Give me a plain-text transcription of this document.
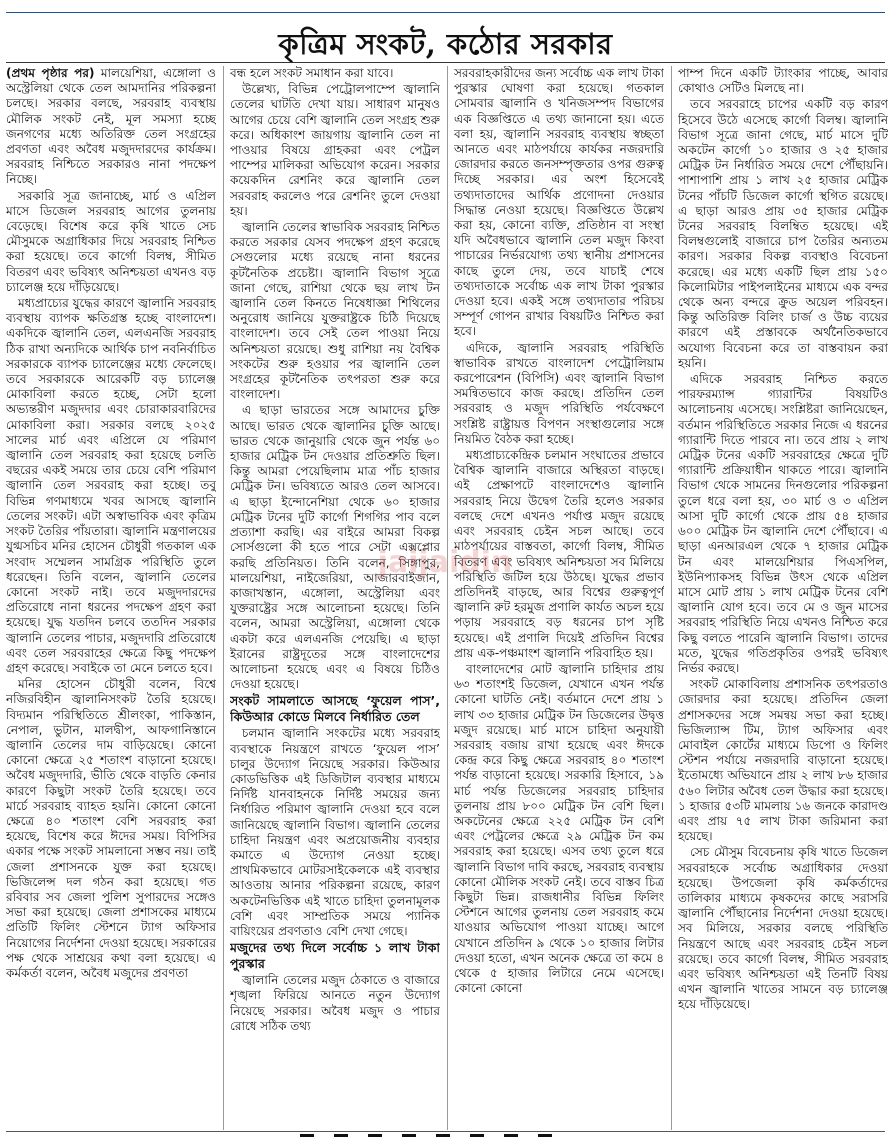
কৃত্রিম সংকট, কঠোর সরকার

(প্রথম পৃষ্ঠার পর) মালয়েশিয়া, এঙ্গোলা ও অস্ট্রেলিয়া থেকে তেল আমদানির পরিকল্পনা চলছে। সরকার বলছে, সরবরাহ ব্যবস্থায় মৌলিক সংকট নেই, মূল সমস্যা হচ্ছে জনগণের মধ্যে অতিরিক্ত তেল সংগ্রহের প্রবণতা এবং অবৈধ মজুদদারদের কার্যক্রম। সরবরাহ নিশ্চিতে সরকারও নানা পদক্ষেপ নিচ্ছে।

সরকারি সূত্র জানাচ্ছে, মার্চ ও এপ্রিল মাসে ডিজেল সরবরাহ আগের তুলনায় বেড়েছে। বিশেষ করে কৃষি খাতে সেচ মৌসুমকে অগ্রাধিকার দিয়ে সরবরাহ নিশ্চিত করা হয়েছে। তবে কার্গো বিলম্ব, সীমিত বিতরণ এবং ভবিষ্যৎ অনিশ্চয়তা এখনও বড় চ্যালেঞ্জ হয়ে দাঁড়িয়েছে।

মধ্যপ্রাচ্যের যুদ্ধের কারণে জ্বালানি সরবরাহ ব্যবস্থায় ব্যাপক ক্ষতিগ্রস্ত হচ্ছে বাংলাদেশ। একদিকে জ্বালানি তেল, এলএনজি সরবরাহ ঠিক রাখা অন্যদিকে আর্থিক চাপ নবনির্বাচিত সরকারকে ব্যাপক চ্যালেঞ্জের মধ্যে ফেলেছে। তবে সরকারকে আরেকটি বড় চ্যালেঞ্জ মোকাবিলা করতে হচ্ছে, সেটা হলো অভ্যন্তরীণ মজুদদার এবং চোরাকারবারিদের মোকাবিলা করা। সরকার বলছে ২০২৫ সালের মার্চ এবং এপ্রিলে যে পরিমাণ জ্বালানি তেল সরবরাহ করা হয়েছে চলতি বছরের একই সময়ে তার চেয়ে বেশি পরিমাণ জ্বালানি তেল সরবরাহ করা হচ্ছে। তবু বিভিন্ন গণমাধ্যমে খবর আসছে জ্বালানি তেলের সংকট। এটা অস্বাভাবিক এবং কৃত্রিম সংকট তৈরির পাঁয়তারা। জ্বালানি মন্ত্রণালয়ের যুগ্মসচিব মনির হোসেন চৌধুরী গতকাল এক সংবাদ সম্মেলন সামগ্রিক পরিস্থিতি তুলে ধরেছেন। তিনি বলেন, জ্বালানি তেলের কোনো সংকট নাই। তবে মজুদদারদের প্রতিরোধে নানা ধরনের পদক্ষেপ গ্রহণ করা হয়েছে। যুদ্ধ যতদিন চলবে ততদিন সরকার জ্বালানি তেলের পাচার, মজুদদারি প্রতিরোধে এবং তেল সরবরাহের ক্ষেত্রে কিছু পদক্ষেপ গ্রহণ করেছে। সবাইকে তা মেনে চলতে হবে।

মনির হোসেন চৌধুরী বলেন, বিশ্বে নজিরবিহীন জ্বালানিসংকট তৈরি হয়েছে। বিদ্যমান পরিস্থিতিতে শ্রীলংকা, পাকিস্তান, নেপাল, ভুটান, মালদ্বীপ, আফগানিস্তানে জ্বালানি তেলের দাম বাড়িয়েছে। কোনো কোনো ক্ষেত্রে ২৫ শতাংশ বাড়ানো হয়েছে। অবৈধ মজুদদারি, ভীতি থেকে বাড়তি কেনার কারণে কিছুটা সংকট তৈরি হয়েছে। তবে মার্চে সরবরাহ ব্যাহত হয়নি। কোনো কোনো ক্ষেত্রে ৪০ শতাংশ বেশি সরবরাহ করা হয়েছে, বিশেষ করে ঈদের সময়। বিপিসির একার পক্ষে সংকট সামলানো সম্ভব নয়। তাই জেলা প্রশাসনকে যুক্ত করা হয়েছে। ভিজিলেন্স দল গঠন করা হয়েছে। গত রবিবার সব জেলা পুলিশ সুপারদের সঙ্গেও সভা করা হয়েছে। জেলা প্রশাসকের মাধ্যমে প্রতিটি ফিলিং স্টেশনে ট্যাগ অফিসার নিয়োগের নির্দেশনা দেওয়া হয়েছে। সরকারের পক্ষ থেকে সাশ্রয়ের কথা বলা হয়েছে। এ কর্মকর্তা বলেন, অবৈধ মজুদের প্রবণতা

বন্ধ হলে সংকট সমাধান করা যাবে।

উল্লেখ্য, বিভিন্ন পেট্রোলপাম্পে জ্বালানি তেলের ঘাটতি দেখা যায়। সাধারণ মানুষও আগের চেয়ে বেশি জ্বালানি তেল সংগ্রহ শুরু করে। অধিকাংশ জায়গায় জ্বালানি তেল না পাওয়ার বিষয়ে গ্রাহকরা এবং পেট্রল পাম্পের মালিকরা অভিযোগ করেন। সরকার কয়েকদিন রেশনিং করে জ্বালানি তেল সরবরাহ করলেও পরে রেশনিং তুলে দেওয়া হয়।

জ্বালানি তেলের স্বাভাবিক সরবরাহ নিশ্চিত করতে সরকার যেসব পদক্ষেপ গ্রহণ করেছে সেগুলোর মধ্যে রয়েছে নানা ধরনের কূটনৈতিক প্রচেষ্টা। জ্বালানি বিভাগ সূত্রে জানা গেছে, রাশিয়া থেকে ছয় লাখ টন জ্বালানি তেল কিনতে নিষেধাজ্ঞা শিথিলের অনুরোধ জানিয়ে যুক্তরাষ্ট্রকে চিঠি দিয়েছে বাংলাদেশ। তবে সেই তেল পাওয়া নিয়ে অনিশ্চয়তা রয়েছে। শুধু রাশিয়া নয় বৈশ্বিক সংকটের শুরু হওয়ার পর জ্বালানি তেল সংগ্রহের কূটনৈতিক তৎপরতা শুরু করে বাংলাদেশ।

এ ছাড়া ভারতের সঙ্গে আমাদের চুক্তি আছে। ভারত থেকে জ্বালানির চুক্তি আছে। ভারত থেকে জানুয়ারি থেকে জুন পর্যন্ত ৬০ হাজার মেট্রিক টন দেওয়ার প্রতিশ্রুতি ছিল। কিন্তু আমরা পেয়েছিলাম মাত্র পাঁচ হাজার মেট্রিক টন। ভবিষ্যতে আরও তেল আসবে। এ ছাড়া ইন্দোনেশিয়া থেকে ৬০ হাজার মেট্রিক টনের দুটি কার্গো শিগগির পাব বলে প্রত্যাশা করছি। এর বাইরে আমরা বিকল্প সোর্সগুলো কী হতে পারে সেটা এক্সপ্লোর করছি প্রতিনিয়ত। তিনি বলেন, সিঙ্গাপুর, মালয়েশিয়া, নাইজেরিয়া, আজারবাইজান, কাজাখস্তান, এঙ্গোলা, অস্ট্রেলিয়া এবং যুক্তরাষ্ট্রের সঙ্গে আলোচনা হয়েছে। তিনি বলেন, আমরা অস্ট্রেলিয়া, এঙ্গোলা থেকে একটা করে এলএনজি পেয়েছি। এ ছাড়া ইরানের রাষ্ট্রদূতের সঙ্গে বাংলাদেশের আলোচনা হয়েছে এবং এ বিষয়ে চিঠিও দেওয়া হয়েছে।

সংকট সামলাতে আসছে ‘ফুয়েল পাস’, কিউআর কোডে মিলবে নির্ধারিত তেল

চলমান জ্বালানি সংকটের মধ্যে সরবরাহ ব্যবস্থাকে নিয়ন্ত্রণে রাখতে ‘ফুয়েল পাস’ চালুর উদ্যোগ নিয়েছে সরকার। কিউআর কোডভিত্তিক এই ডিজিটাল ব্যবস্থার মাধ্যমে নির্দিষ্ট যানবাহনকে নির্দিষ্ট সময়ের জন্য নির্ধারিত পরিমাণ জ্বালানি দেওয়া হবে বলে জানিয়েছে জ্বালানি বিভাগ। জ্বালানি তেলের চাহিদা নিয়ন্ত্রণ এবং অপ্রয়োজনীয় ব্যবহার কমাতে এ উদ্যোগ নেওয়া হচ্ছে। প্রাথমিকভাবে মোটরসাইকেলকে এই ব্যবস্থার আওতায় আনার পরিকল্পনা রয়েছে, কারণ অকটেনভিত্তিক এই খাতে চাহিদা তুলনামূলক বেশি এবং সাম্প্রতিক সময়ে প্যানিক বায়িংয়ের প্রবণতাও বেশি দেখা গেছে।

মজুদের তথ্য দিলে সর্বোচ্চ ১ লাখ টাকা পুরস্কার

জ্বালানি তেলের মজুদ ঠেকাতে ও বাজারে শৃঙ্খলা ফিরিয়ে আনতে নতুন উদ্যোগ নিয়েছে সরকার। অবৈধ মজুদ ও পাচার রোধে সঠিক তথ্য

সরবরাহকারীদের জন্য সর্বোচ্চ এক লাখ টাকা পুরস্কার ঘোষণা করা হয়েছে। গতকাল সোমবার জ্বালানি ও খনিজসম্পদ বিভাগের এক বিজ্ঞপ্তিতে এ তথ্য জানানো হয়। এতে বলা হয়, জ্বালানি সরবরাহ ব্যবস্থায় স্বচ্ছতা আনতে এবং মাঠপর্যায়ে কার্যকর নজরদারি জোরদার করতে জনসম্পৃক্ততার ওপর গুরুত্ব দিচ্ছে সরকার। এর অংশ হিসেবেই তথ্যদাতাদের আর্থিক প্রণোদনা দেওয়ার সিদ্ধান্ত নেওয়া হয়েছে। বিজ্ঞপ্তিতে উল্লেখ করা হয়, কোনো ব্যক্তি, প্রতিষ্ঠান বা সংস্থা যদি অবৈধভাবে জ্বালানি তেল মজুদ কিংবা পাচারের নির্ভরযোগ্য তথ্য স্থানীয় প্রশাসনের কাছে তুলে দেয়, তবে যাচাই শেষে তথ্যদাতাকে সর্বোচ্চ এক লাখ টাকা পুরস্কার দেওয়া হবে। একই সঙ্গে তথ্যদাতার পরিচয় সম্পূর্ণ গোপন রাখার বিষয়টিও নিশ্চিত করা হবে।

এদিকে, জ্বালানি সরবরাহ পরিস্থিতি স্বাভাবিক রাখতে বাংলাদেশ পেট্রোলিয়াম করপোরেশন (বিপিসি) এবং জ্বালানি বিভাগ সমন্বিতভাবে কাজ করছে। প্রতিদিন তেল সরবরাহ ও মজুদ পরিস্থিতি পর্যবেক্ষণে সংশ্লিষ্ট রাষ্ট্রায়ত্ত বিপণন সংস্থাগুলোর সঙ্গে নিয়মিত বৈঠক করা হচ্ছে।

মধ্যপ্রাচ্যকেন্দ্রিক চলমান সংঘাতের প্রভাবে বৈশ্বিক জ্বালানি বাজারে অস্থিরতা বাড়ছে। এই প্রেক্ষাপটে বাংলাদেশেও জ্বালানি সরবরাহ নিয়ে উদ্বেগ তৈরি হলেও সরকার বলছে দেশে এখনও পর্যাপ্ত মজুদ রয়েছে এবং সরবরাহ চেইন সচল আছে। তবে মাঠপর্যায়ের বাস্তবতা, কার্গো বিলম্ব, সীমিত বিতরণ এবং ভবিষ্যৎ অনিশ্চয়তা সব মিলিয়ে পরিস্থিতি জটিল হয়ে উঠছে। যুদ্ধের প্রভাব প্রতিদিনই বাড়ছে, আর বিশ্বের গুরুত্বপূর্ণ জ্বালানি রুট হরমুজ প্রণালি কার্যত অচল হয়ে পড়ায় সরবরাহে বড় ধরনের চাপ সৃষ্টি হয়েছে। এই প্রণালি দিয়েই প্রতিদিন বিশ্বের প্রায় এক-পঞ্চমাংশ জ্বালানি পরিবাহিত হয়।

বাংলাদেশের মোট জ্বালানি চাহিদার প্রায় ৬৩ শতাংশই ডিজেল, যেখানে এখন পর্যন্ত কোনো ঘাটতি নেই। বর্তমানে দেশে প্রায় ১ লাখ ৩৩ হাজার মেট্রিক টন ডিজেলের উদ্বৃত্ত মজুদ রয়েছে। মার্চ মাসে চাহিদা অনুযায়ী সরবরাহ বজায় রাখা হয়েছে এবং ঈদকে কেন্দ্র করে কিছু ক্ষেত্রে সরবরাহ ৪০ শতাংশ পর্যন্ত বাড়ানো হয়েছে। সরকারি হিসাবে, ১৯ মার্চ পর্যন্ত ডিজেলের সরবরাহ চাহিদার তুলনায় প্রায় ৮০০ মেট্রিক টন বেশি ছিল। অকটেনের ক্ষেত্রে ২২৫ মেট্রিক টন বেশি এবং পেট্রলের ক্ষেত্রে ২৯ মেট্রিক টন কম সরবরাহ করা হয়েছে। এসব তথ্য তুলে ধরে জ্বালানি বিভাগ দাবি করছে, সরবরাহ ব্যবস্থায় কোনো মৌলিক সংকট নেই। তবে বাস্তব চিত্র কিছুটা ভিন্ন। রাজধানীর বিভিন্ন ফিলিং স্টেশনে আগের তুলনায় তেল সরবরাহ কমে যাওয়ার অভিযোগ পাওয়া যাচ্ছে। আগে যেখানে প্রতিদিন ৯ থেকে ১০ হাজার লিটার দেওয়া হতো, এখন অনেক ক্ষেত্রে তা কমে ৪ থেকে ৫ হাজার লিটারে নেমে এসেছে। কোনো কোনো

পাম্প দিনে একটি ট্যাংকার পাচ্ছে, আবার কোথাও সেটিও মিলছে না।

তবে সরবরাহে চাপের একটি বড় কারণ হিসেবে উঠে এসেছে কার্গো বিলম্ব। জ্বালানি বিভাগ সূত্রে জানা গেছে, মার্চ মাসে দুটি অকটেন কার্গো ১০ হাজার ও ২৫ হাজার মেট্রিক টন নির্ধারিত সময়ে দেশে পৌঁছায়নি। পাশাপাশি প্রায় ১ লাখ ২৫ হাজার মেট্রিক টনের পাঁচটি ডিজেল কার্গো স্থগিত রয়েছে। এ ছাড়া আরও প্রায় ৩৫ হাজার মেট্রিক টনের সরবরাহ বিলম্বিত হয়েছে। এই বিলম্বগুলোই বাজারে চাপ তৈরির অন্যতম কারণ। সরকার বিকল্প ব্যবস্থাও বিবেচনা করেছে। এর মধ্যে একটি ছিল প্রায় ১৫০ কিলোমিটার পাইপলাইনের মাধ্যমে এক বন্দর থেকে অন্য বন্দরে ক্রুড অয়েল পরিবহন। কিন্তু অতিরিক্ত বিলিং চার্জ ও উচ্চ ব্যয়ের কারণে এই প্রস্তাবকে অর্থনৈতিকভাবে অযোগ্য বিবেচনা করে তা বাস্তবায়ন করা হয়নি।

এদিকে সরবরাহ নিশ্চিত করতে পারফরম্যান্স গ্যারান্টির বিষয়টিও আলোচনায় এসেছে। সংশ্লিষ্টরা জানিয়েছেন, বর্তমান পরিস্থিতিতে সরকার নিজে এ ধরনের গ্যারান্টি দিতে পারবে না। তবে প্রায় ২ লাখ মেট্রিক টনের একটি সরবরাহের ক্ষেত্রে দুটি গ্যারান্টি প্রক্রিয়াধীন থাকতে পারে। জ্বালানি বিভাগ থেকে সামনের দিনগুলোর পরিকল্পনা তুলে ধরে বলা হয়, ৩০ মার্চ ও ৩ এপ্রিল আসা দুটি কার্গো থেকে প্রায় ৫৪ হাজার ৬০০ মেট্রিক টন জ্বালানি দেশে পৌঁছাবে। এ ছাড়া এনআরএল থেকে ৭ হাজার মেট্রিক টন এবং মালয়েশিয়ার পিএসপিল, ইউনিপ্যাকসহ বিভিন্ন উৎস থেকে এপ্রিল মাসে মোট প্রায় ১ লাখ মেট্রিক টনের বেশি জ্বালানি যোগ হবে। তবে মে ও জুন মাসের সরবরাহ পরিস্থিতি নিয়ে এখনও নিশ্চিত করে কিছু বলতে পারেনি জ্বালানি বিভাগ। তাদের মতে, যুদ্ধের গতিপ্রকৃতির ওপরই ভবিষ্যৎ নির্ভর করছে।

সংকট মোকাবিলায় প্রশাসনিক তৎপরতাও জোরদার করা হয়েছে। প্রতিদিন জেলা প্রশাসকদের সঙ্গে সমন্বয় সভা করা হচ্ছে। ভিজিল্যান্স টিম, ট্যাগ অফিসার এবং মোবাইল কোর্টের মাধ্যমে ডিপো ও ফিলিং স্টেশন পর্যায়ে নজরদারি বাড়ানো হয়েছে। ইতোমধ্যে অভিযানে প্রায় ২ লাখ ৮৬ হাজার ৫৬০ লিটার অবৈধ তেল উদ্ধার করা হয়েছে। ১ হাজার ৫৩টি মামলায় ১৬ জনকে কারাদণ্ড এবং প্রায় ৭৫ লাখ টাকা জরিমানা করা হয়েছে।

সেচ মৌসুম বিবেচনায় কৃষি খাতে ডিজেল সরবরাহকে সর্বোচ্চ অগ্রাধিকার দেওয়া হয়েছে। উপজেলা কৃষি কর্মকর্তাদের তালিকার মাধ্যমে কৃষকদের কাছে সরাসরি জ্বালানি পৌঁছানোর নির্দেশনা দেওয়া হয়েছে। সব মিলিয়ে, সরকার বলছে পরিস্থিতি নিয়ন্ত্রণে আছে এবং সরবরাহ চেইন সচল রয়েছে। তবে কার্গো বিলম্ব, সীমিত সরবরাহ এবং ভবিষ্যৎ অনিশ্চয়তা এই তিনটি বিষয় এখন জ্বালানি খাতের সামনে বড় চ্যালেঞ্জ হয়ে দাঁড়িয়েছে।

jaijaidin
